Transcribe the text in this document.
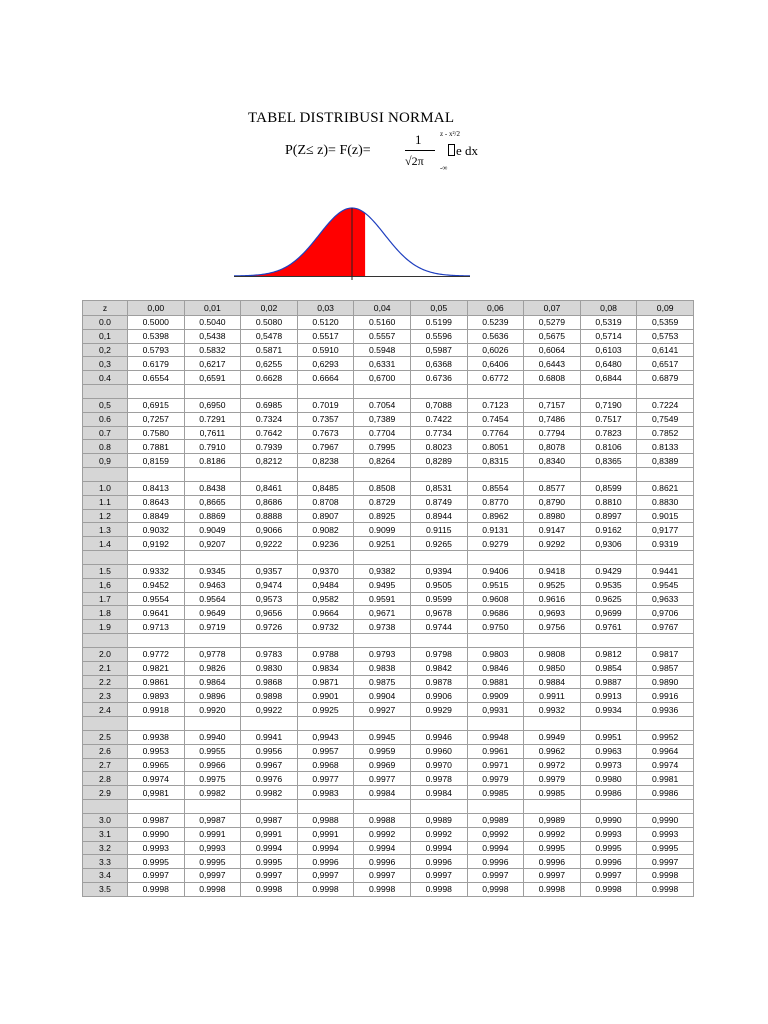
TABEL DISTRIBUSI NORMAL
P(Z≤ z)= F(z)=
1
√2π
z - x²/2
-∞
e dx
z	0,00	0,01	0,02	0,03	0,04	0,05	0,06	0,07	0,08	0,09
0.0	0.5000	0.5040	0.5080	0.5120	0.5160	0.5199	0.5239	0,5279	0,5319	0,5359
0,1	0.5398	0,5438	0,5478	0.5517	0.5557	0.5596	0.5636	0,5675	0,5714	0,5753
0,2	0.5793	0.5832	0.5871	0.5910	0.5948	0,5987	0,6026	0,6064	0,6103	0,6141
0,3	0.6179	0,6217	0,6255	0,6293	0,6331	0,6368	0,6406	0,6443	0,6480	0,6517
0.4	0.6554	0,6591	0.6628	0.6664	0,6700	0.6736	0.6772	0.6808	0,6844	0.6879

0,5	0,6915	0,6950	0.6985	0.7019	0.7054	0,7088	0.7123	0,7157	0,7190	0.7224
0.6	0,7257	0.7291	0.7324	0.7357	0,7389	0.7422	0.7454	0,7486	0.7517	0,7549
0.7	0.7580	0,7611	0.7642	0.7673	0.7704	0.7734	0.7764	0.7794	0.7823	0.7852
0.8	0.7881	0.7910	0.7939	0.7967	0.7995	0.8023	0.8051	0,8078	0.8106	0.8133
0,9	0,8159	0.8186	0,8212	0,8238	0,8264	0,8289	0,8315	0,8340	0,8365	0,8389

1.0	0.8413	0.8438	0,8461	0,8485	0.8508	0,8531	0.8554	0.8577	0,8599	0.8621
1.1	0.8643	0,8665	0,8686	0.8708	0.8729	0.8749	0.8770	0,8790	0.8810	0.8830
1.2	0.8849	0.8869	0.8888	0.8907	0.8925	0.8944	0.8962	0.8980	0.8997	0.9015
1.3	0.9032	0.9049	0,9066	0.9082	0.9099	0.9115	0.9131	0.9147	0.9162	0,9177
1.4	0,9192	0,9207	0,9222	0.9236	0.9251	0.9265	0.9279	0.9292	0,9306	0.9319

1.5	0.9332	0.9345	0,9357	0,9370	0,9382	0,9394	0.9406	0.9418	0.9429	0.9441
1,6	0.9452	0.9463	0,9474	0,9484	0.9495	0.9505	0.9515	0.9525	0.9535	0.9545
1.7	0.9554	0.9564	0,9573	0,9582	0.9591	0.9599	0.9608	0.9616	0.9625	0,9633
1.8	0.9641	0.9649	0,9656	0.9664	0,9671	0,9678	0.9686	0,9693	0,9699	0,9706
1.9	0.9713	0.9719	0.9726	0.9732	0.9738	0.9744	0.9750	0.9756	0.9761	0.9767

2.0	0.9772	0,9778	0.9783	0.9788	0.9793	0.9798	0.9803	0.9808	0.9812	0.9817
2.1	0.9821	0.9826	0.9830	0.9834	0.9838	0.9842	0.9846	0.9850	0.9854	0.9857
2.2	0.9861	0.9864	0.9868	0.9871	0.9875	0.9878	0.9881	0.9884	0.9887	0.9890
2.3	0.9893	0.9896	0.9898	0.9901	0.9904	0.9906	0.9909	0.9911	0.9913	0.9916
2.4	0.9918	0.9920	0,9922	0.9925	0.9927	0.9929	0,9931	0.9932	0.9934	0.9936

2.5	0.9938	0.9940	0.9941	0,9943	0.9945	0.9946	0.9948	0.9949	0.9951	0.9952
2.6	0.9953	0.9955	0.9956	0.9957	0.9959	0.9960	0.9961	0.9962	0.9963	0.9964
2.7	0.9965	0.9966	0.9967	0.9968	0.9969	0.9970	0.9971	0.9972	0.9973	0.9974
2.8	0.9974	0.9975	0.9976	0.9977	0.9977	0.9978	0.9979	0.9979	0.9980	0.9981
2.9	0,9981	0.9982	0.9982	0.9983	0.9984	0.9984	0.9985	0.9985	0.9986	0.9986

3.0	0.9987	0,9987	0,9987	0,9988	0.9988	0,9989	0,9989	0,9989	0,9990	0,9990
3.1	0.9990	0.9991	0,9991	0,9991	0.9992	0.9992	0,9992	0.9992	0.9993	0.9993
3.2	0.9993	0,9993	0.9994	0.9994	0.9994	0.9994	0.9994	0.9995	0.9995	0.9995
3.3	0.9995	0.9995	0.9995	0.9996	0.9996	0.9996	0.9996	0.9996	0.9996	0.9997
3.4	0.9997	0,9997	0.9997	0,9997	0.9997	0.9997	0.9997	0.9997	0.9997	0.9998
3.5	0.9998	0.9998	0.9998	0.9998	0.9998	0.9998	0,9998	0.9998	0.9998	0.9998
